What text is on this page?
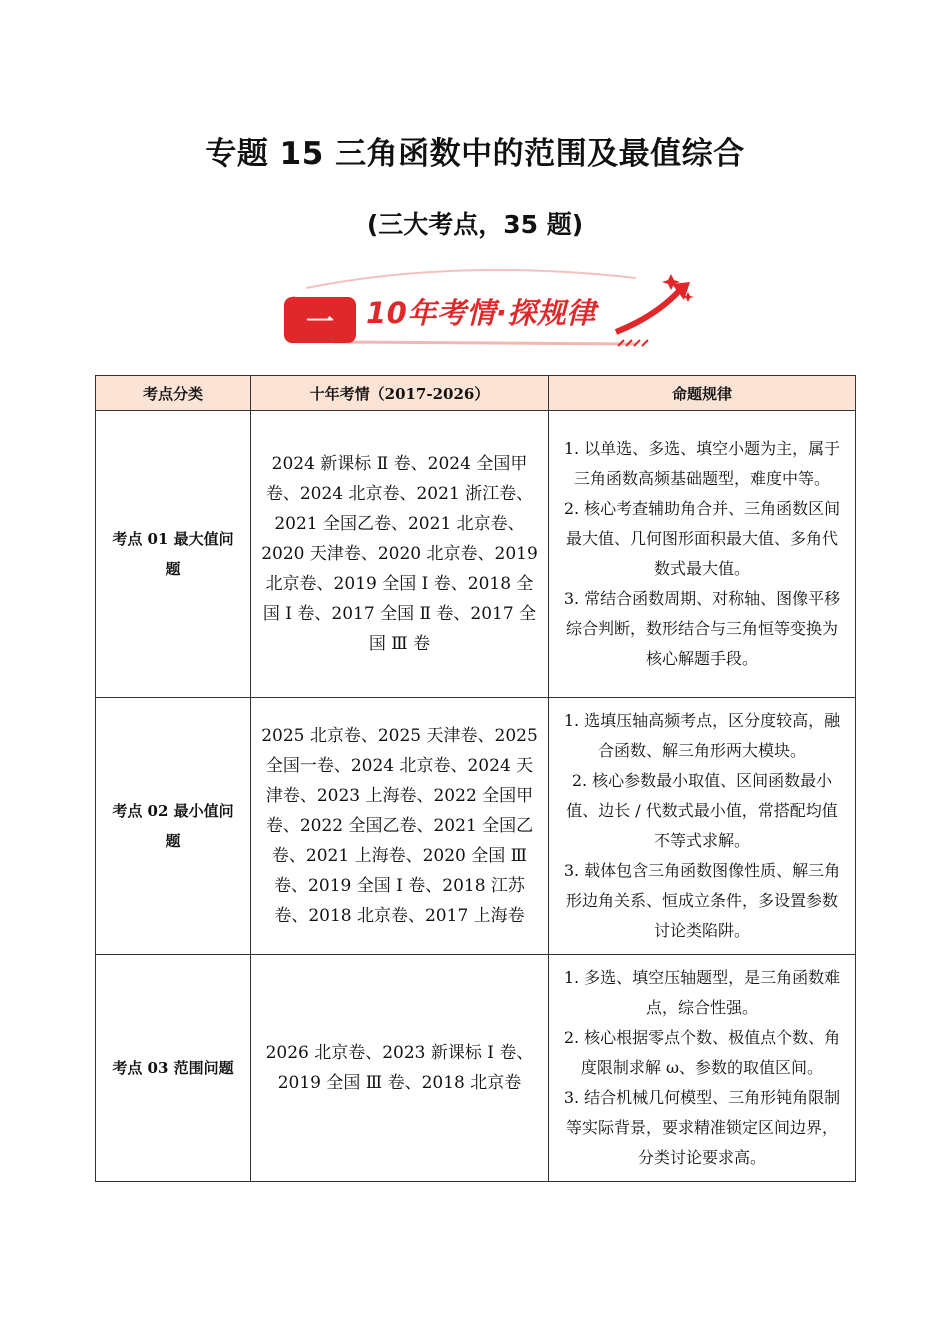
专题 15 三角函数中的范围及最值综合
(三大考点，35 题)
一 10年考情·探规律
考点分类	十年考情（2017-2026）	命题规律
考点 01 最大值问题	2024 新课标 Ⅱ 卷、2024 全国甲卷、2024 北京卷、2021 浙江卷、2021 全国乙卷、2021 北京卷、2020 天津卷、2020 北京卷、2019 北京卷、2019 全国 Ⅰ 卷、2018 全国 Ⅰ 卷、2017 全国 Ⅱ 卷、2017 全国 Ⅲ 卷	1. 以单选、多选、填空小题为主，属于三角函数高频基础题型，难度中等。

2. 核心考查辅助角合并、三角函数区间最大值、几何图形面积最大值、多角代数式最大值。

3. 常结合函数周期、对称轴、图像平移综合判断，数形结合与三角恒等变换为核心解题手段。

考点 02 最小值问题	2025 北京卷、2025 天津卷、2025 全国一卷、2024 北京卷、2024 天津卷、2023 上海卷、2022 全国甲卷、2022 全国乙卷、2021 全国乙卷、2021 上海卷、2020 全国 Ⅲ 卷、2019 全国 Ⅰ 卷、2018 江苏卷、2018 北京卷、2017 上海卷	1. 选填压轴高频考点，区分度较高，融合函数、解三角形两大模块。

2. 核心参数最小取值、区间函数最小值、边长 / 代数式最小值，常搭配均值不等式求解。

3. 载体包含三角函数图像性质、解三角形边角关系、恒成立条件，多设置参数讨论类陷阱。

考点 03 范围问题	2026 北京卷、2023 新课标 Ⅰ 卷、2019 全国 Ⅲ 卷、2018 北京卷	1. 多选、填空压轴题型，是三角函数难点，综合性强。

2. 核心根据零点个数、极值点个数、角度限制求解 ω、参数的取值区间。

3. 结合机械几何模型、三角形钝角限制等实际背景，要求精准锁定区间边界，分类讨论要求高。
